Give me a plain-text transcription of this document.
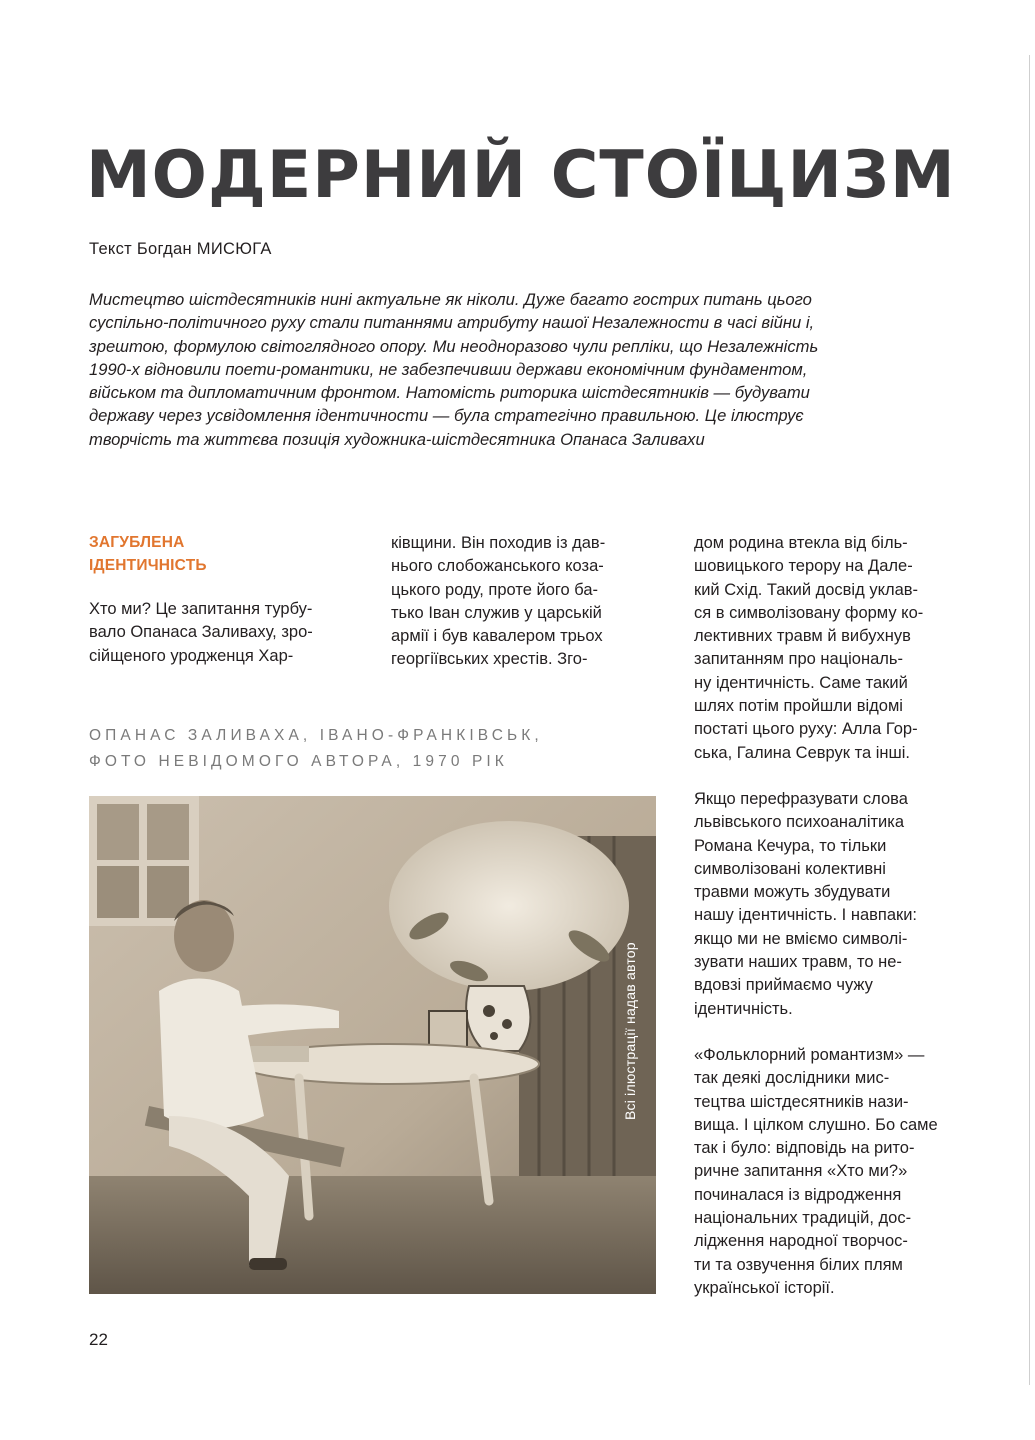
МОДЕРНИЙ СТОЇЦИЗМ
Текст Богдан МИСЮГА

Мистецтво шістдесятників нині актуальне як ніколи. Дуже багато гострих питань цього
суспільно-політичного руху стали питаннями атрибуту нашої Незалежности в часі війни і,
зрештою, формулою світоглядного опору. Ми неодноразово чули репліки, що Незалежність
1990-х відновили поети-романтики, не забезпечивши держави економічним фундаментом,
військом та дипломатичним фронтом. Натомість риторика шістдесятників — будувати
державу через усвідомлення ідентичности — була стратегічно правильною. Це ілюструє
творчість та життєва позиція художника-шістдесятника Опанаса Заливахи

ЗАГУБЛЕНА
ІДЕНТИЧНІСТЬ
Хто ми? Це запитання турбу-
вало Опанаса Заливаху, зро-
сійщеного уродженця Хар-
ківщини. Він походив із дав-
нього слобожанського коза-
цького роду, проте його ба-
тько Іван служив у царській
армії і був кавалером трьох
георгіївських хрестів. Зго-
дом родина втекла від біль-
шовицького терору на Дале-
кий Схід. Такий досвід уклав-
ся в символізовану форму ко-
лективних травм й вибухнув
запитанням про національ-
ну ідентичність. Саме такий
шлях потім пройшли відомі
постаті цього руху: Алла Гор-
ська, Галина Севрук та інші.
Якщо перефразувати слова
львівського психоаналітика
Романа Кечура, то тільки
символізовані колективні
травми можуть збудувати
нашу ідентичність. І навпаки:
якщо ми не вміємо символі-
зувати наших травм, то не-
вдовзі приймаємо чужу
ідентичність.
«Фольклорний романтизм» —
так деякі дослідники мис-
тецтва шістдесятників нази-
вища. І цілком слушно. Бо саме
так і було: відповідь на рито-
ричне запитання «Хто ми?»
починалася із відродження
національних традицій, дос-
лідження народної творчос-
ти та озвучення білих плям
української історії.
ОПАНАС ЗАЛИВАХА, ІВАНО-ФРАНКІВСЬК,
ФОТО НЕВІДОМОГО АВТОРА, 1970 РІК
Всі ілюстрації надав автор
22
